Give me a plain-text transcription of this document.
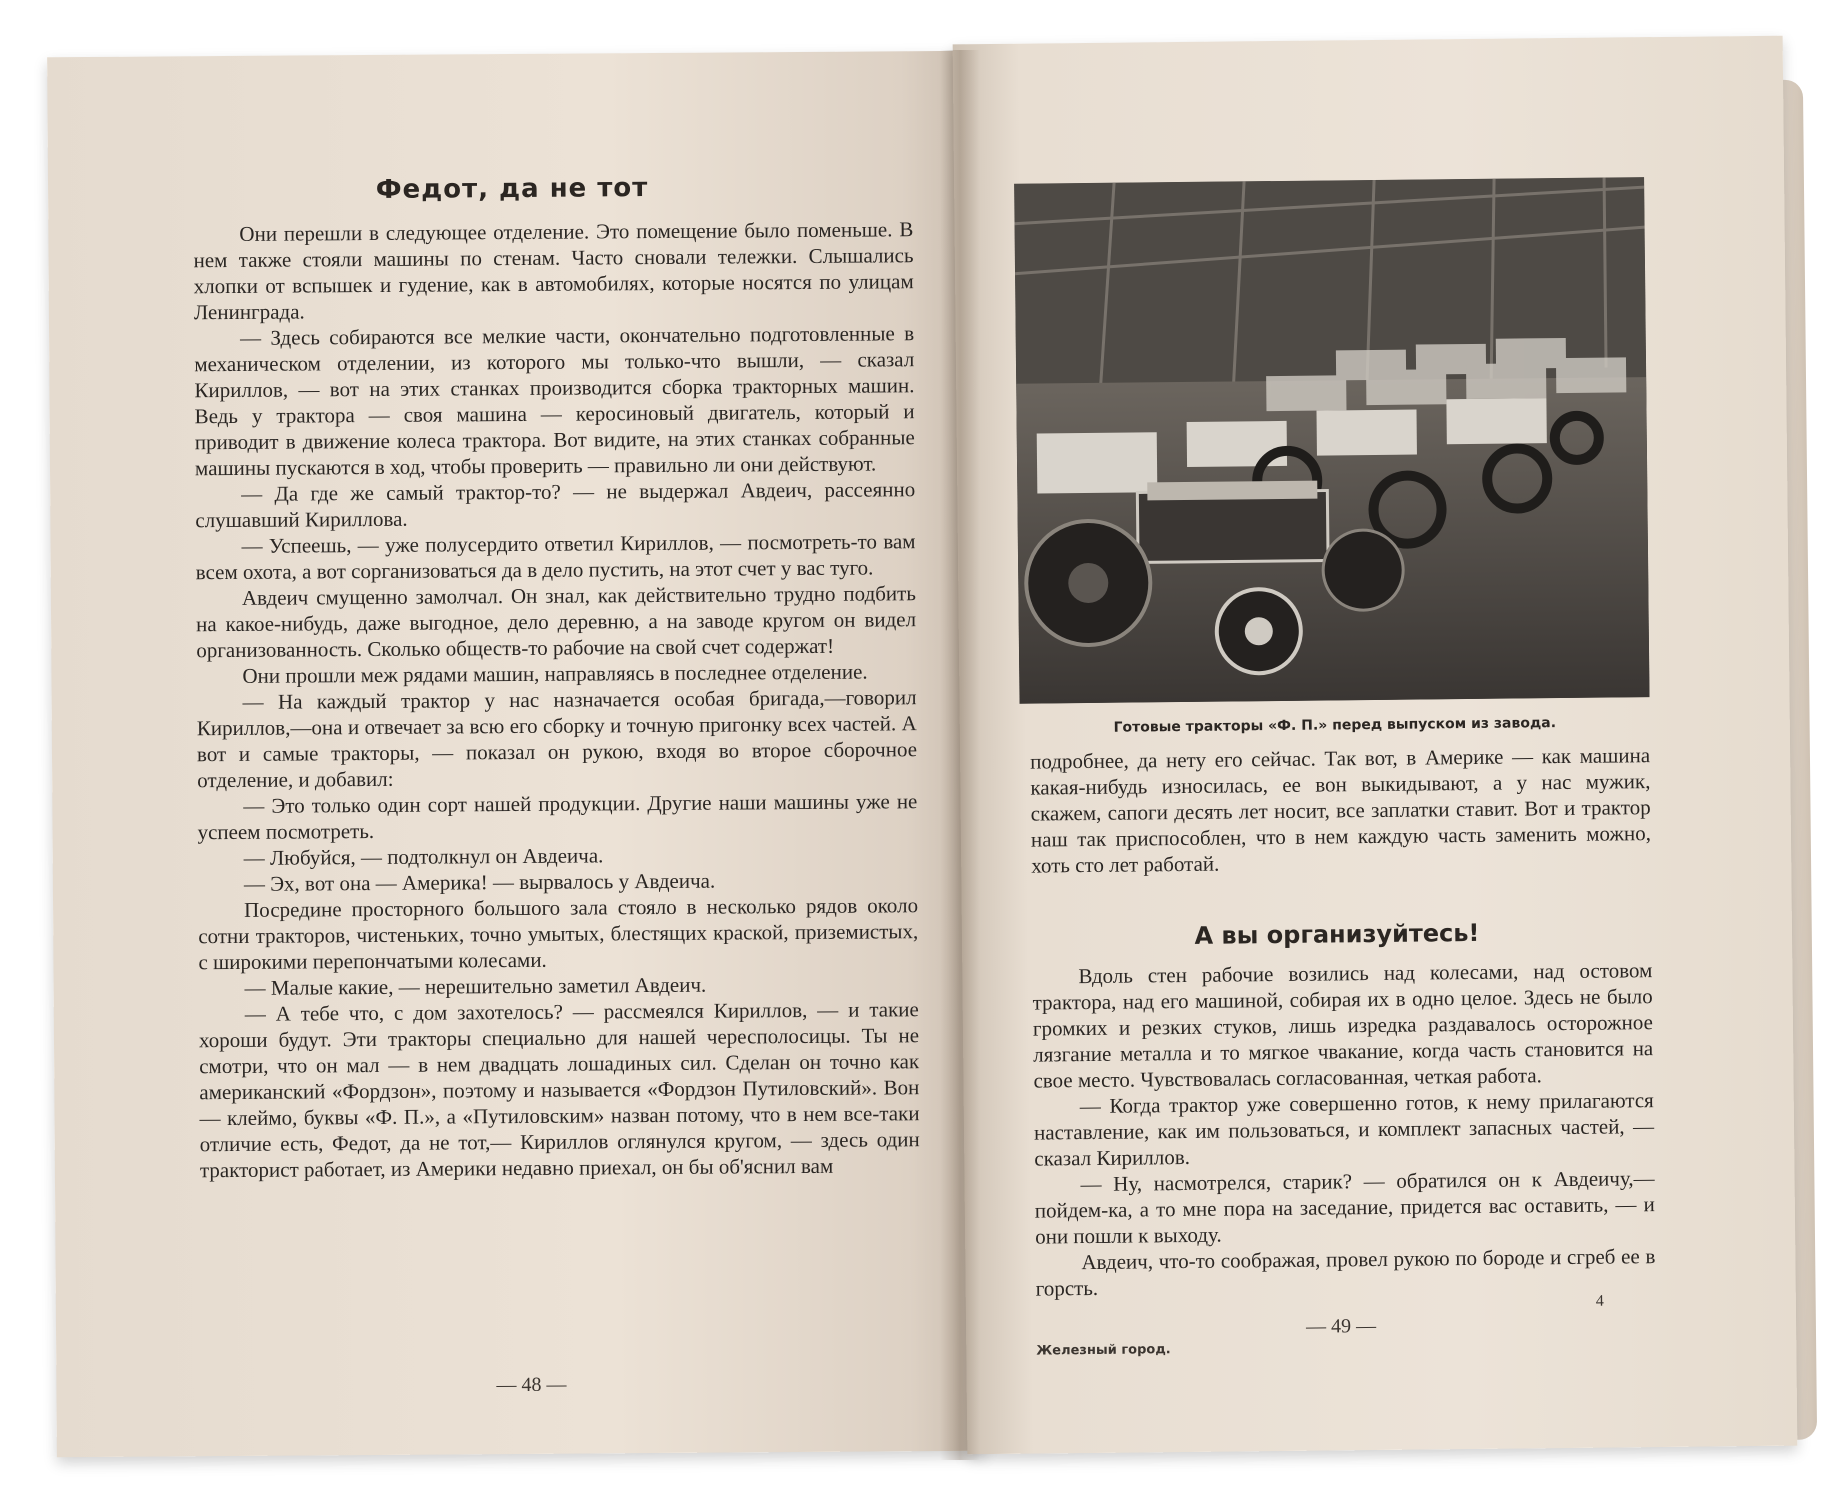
Федот, да не тот

Они перешли в следующее отделение. Это помещение было поменьше. В нем также стояли машины по стенам. Часто сновали тележки. Слышались хлопки от вспышек и гудение, как в автомобилях, которые носятся по улицам Ленинграда.

— Здесь собираются все мелкие части, окончательно подготовленные в механическом отделении, из которого мы только-что вышли, — сказал Кириллов, — вот на этих станках производится сборка тракторных машин. Ведь у трактора — своя машина — керосиновый двигатель, который и приводит в движение колеса трактора. Вот видите, на этих станках собранные машины пускаются в ход, чтобы проверить — правильно ли они действуют.

— Да где же самый трактор-то? — не выдержал Авдеич, рассеянно слушавший Кириллова.

— Успеешь, — уже полусердито ответил Кириллов, — посмотреть-то вам всем охота, а вот сорганизоваться да в дело пустить, на этот счет у вас туго.

Авдеич смущенно замолчал. Он знал, как действительно трудно подбить на какое-нибудь, даже выгодное, дело деревню, а на заводе кругом он видел организованность. Сколько обществ-то рабочие на свой счет содержат!

Они прошли меж рядами машин, направляясь в последнее отделение.

— На каждый трактор у нас назначается особая бригада,—говорил Кириллов,—она и отвечает за всю его сборку и точную пригонку всех частей. А вот и самые тракторы, — показал он рукою, входя во второе сборочное отделение, и добавил:

— Это только один сорт нашей продукции. Другие наши машины уже не успеем посмотреть.

— Любуйся, — подтолкнул он Авдеича.

— Эх, вот она — Америка! — вырвалось у Авдеича.

Посредине просторного большого зала стояло в несколько рядов около сотни тракторов, чистеньких, точно умытых, блестящих краской, приземистых, с широкими перепончатыми колесами.

— Малые какие, — нерешительно заметил Авдеич.

— А тебе что, с дом захотелось? — рассмеялся Кириллов, — и такие хороши будут. Эти тракторы специально для нашей чересполосицы. Ты не смотри, что он мал — в нем двадцать лошадиных сил. Сделан он точно как американский «Фордзон», поэтому и называется «Фордзон Путиловский». Вон — клеймо, буквы «Ф. П.», а «Путиловским» назван потому, что в нем все-таки отличие есть, Федот, да не тот,— Кириллов оглянулся кругом, — здесь один тракторист работает, из Америки недавно приехал, он бы об'яснил вам

— 48 —
Готовые тракторы «Ф. П.» перед выпуском из завода.

подробнее, да нету его сейчас. Так вот, в Америке — как машина какая-нибудь износилась, ее вон выкидывают, а у нас мужик, скажем, сапоги десять лет носит, все заплатки ставит. Вот и трактор наш так приспособлен, что в нем каждую часть заменить можно, хоть сто лет работай.

А вы организуйтесь!

Вдоль стен рабочие возились над колесами, над остовом трактора, над его машиной, собирая их в одно целое. Здесь не было громких и резких стуков, лишь изредка раздавалось осторожное лязгание металла и то мягкое чвакание, когда часть становится на свое место. Чувствовалась согласованная, четкая работа.

— Когда трактор уже совершенно готов, к нему прилагаются наставление, как им пользоваться, и комплект запасных частей, — сказал Кириллов.

— Ну, насмотрелся, старик? — обратился он к Авдеичу,— пойдем-ка, а то мне пора на заседание, придется вас оставить, — и они пошли к выходу.

Авдеич, что-то соображая, провел рукою по бороде и сгреб ее в горсть.

4
— 49 —
Железный город.
